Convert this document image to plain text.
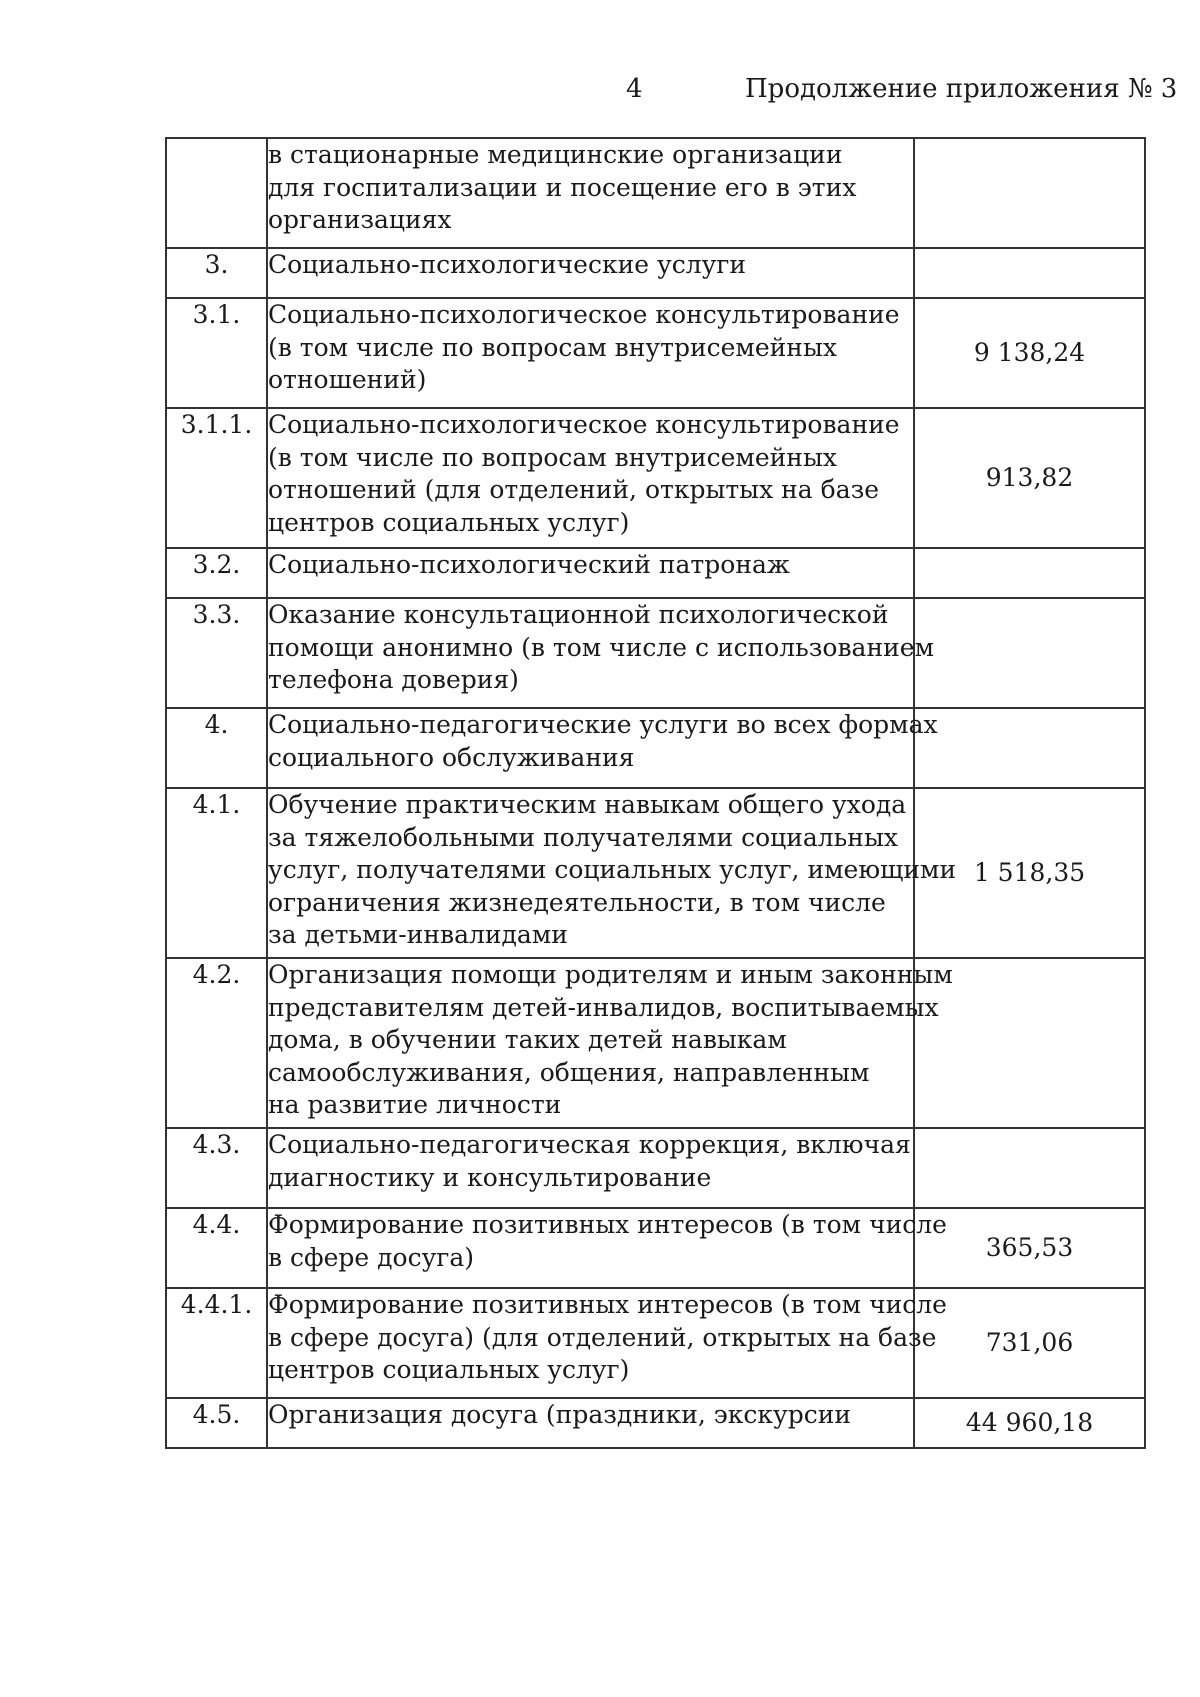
4	Продолжение приложения № 3

	в стационарные медицинские организации
для госпитализации и посещение его в этих
организациях	

3.	Социально-психологические услуги	

3.1.	Социально-психологическое консультирование
(в том числе по вопросам внутрисемейных
отношений)	9 138,24
3.1.1.	Социально-психологическое консультирование
(в том числе по вопросам внутрисемейных
отношений (для отделений, открытых на базе
центров социальных услуг)	913,82
3.2.	Социально-психологический патронаж	

3.3.	Оказание консультационной психологической
помощи анонимно (в том числе с использованием
телефона доверия)	

4.	Социально-педагогические услуги во всех формах
социального обслуживания	

4.1.	Обучение практическим навыкам общего ухода
за тяжелобольными получателями социальных
услуг, получателями социальных услуг, имеющими
ограничения жизнедеятельности, в том числе
за детьми-инвалидами	1 518,35
4.2.	Организация помощи родителям и иным законным
представителям детей-инвалидов, воспитываемых
дома, в обучении таких детей навыкам
самообслуживания, общения, направленным
на развитие личности	

4.3.	Социально-педагогическая коррекция, включая
диагностику и консультирование	

4.4.	Формирование позитивных интересов (в том числе
в сфере досуга)	365,53
4.4.1.	Формирование позитивных интересов (в том числе
в сфере досуга) (для отделений, открытых на базе
центров социальных услуг)	731,06
4.5.	Организация досуга (праздники, экскурсии	44 960,18
